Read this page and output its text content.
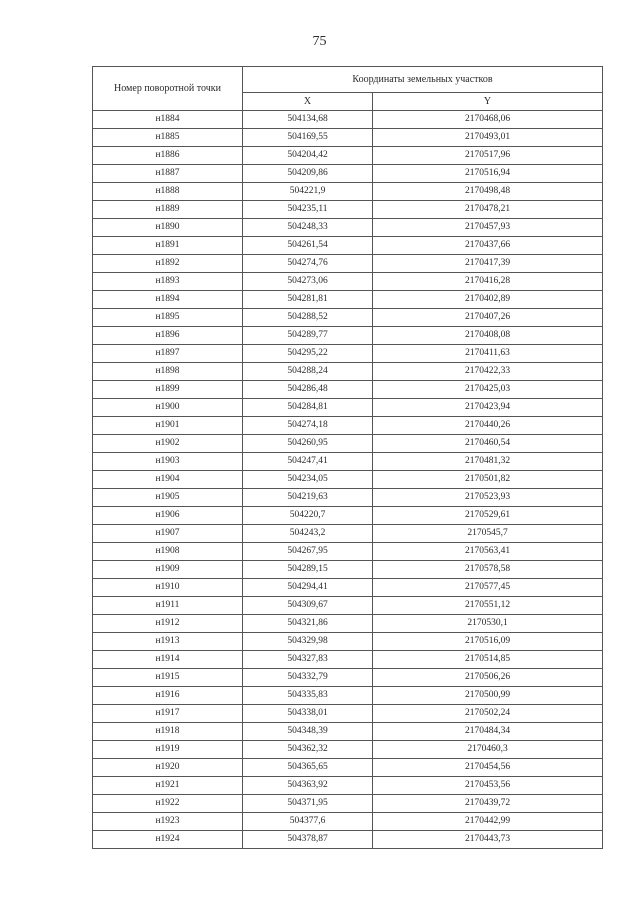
75
Номер поворотной точки	Координаты земельных участков	
	X	Y
н1884	504134,68	2170468,06
н1885	504169,55	2170493,01
н1886	504204,42	2170517,96
н1887	504209,86	2170516,94
н1888	504221,9	2170498,48
н1889	504235,11	2170478,21
н1890	504248,33	2170457,93
н1891	504261,54	2170437,66
н1892	504274,76	2170417,39
н1893	504273,06	2170416,28
н1894	504281,81	2170402,89
н1895	504288,52	2170407,26
н1896	504289,77	2170408,08
н1897	504295,22	2170411,63
н1898	504288,24	2170422,33
н1899	504286,48	2170425,03
н1900	504284,81	2170423,94
н1901	504274,18	2170440,26
н1902	504260,95	2170460,54
н1903	504247,41	2170481,32
н1904	504234,05	2170501,82
н1905	504219,63	2170523,93
н1906	504220,7	2170529,61
н1907	504243,2	2170545,7
н1908	504267,95	2170563,41
н1909	504289,15	2170578,58
н1910	504294,41	2170577,45
н1911	504309,67	2170551,12
н1912	504321,86	2170530,1
н1913	504329,98	2170516,09
н1914	504327,83	2170514,85
н1915	504332,79	2170506,26
н1916	504335,83	2170500,99
н1917	504338,01	2170502,24
н1918	504348,39	2170484,34
н1919	504362,32	2170460,3
н1920	504365,65	2170454,56
н1921	504363,92	2170453,56
н1922	504371,95	2170439,72
н1923	504377,6	2170442,99
н1924	504378,87	2170443,73
